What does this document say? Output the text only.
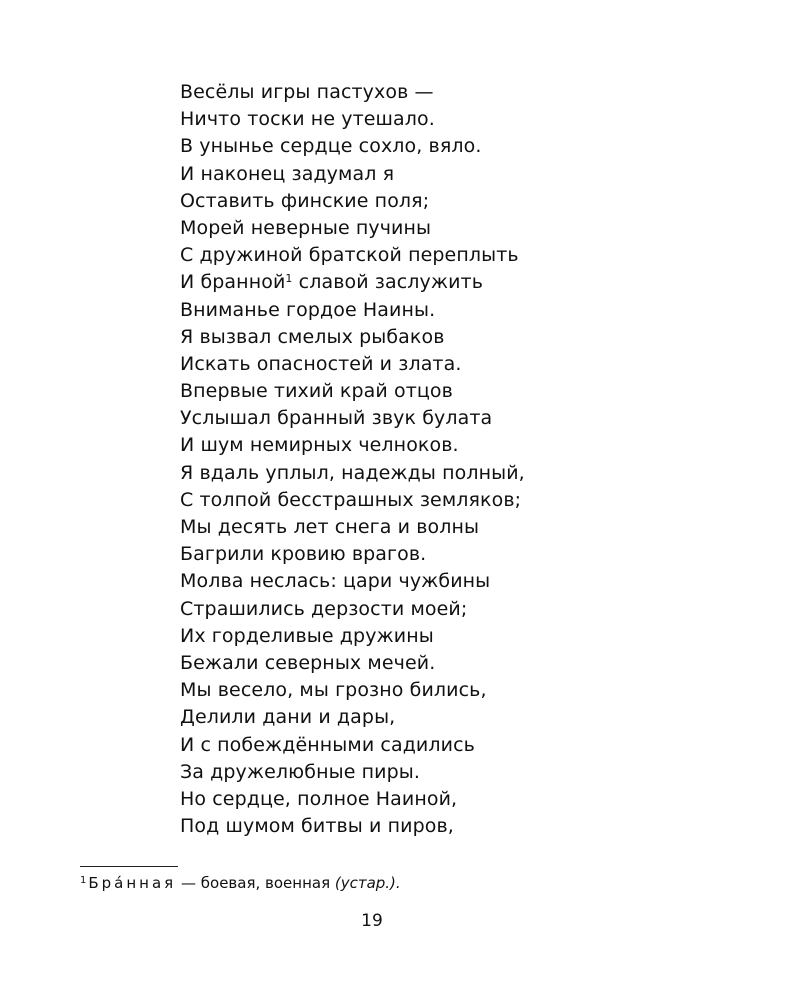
Весёлы игры пастухов —
Ничто тоски не утешало.
В унынье сердце сохло, вяло.
И наконец задумал я
Оставить финские поля;
Морей неверные пучины
С дружиной братской переплыть
И бранной$^1$ славой заслужить
Вниманье гордое Наины.
Я вызвал смелых рыбаков
Искать опасностей и злата.
Впервые тихий край отцов
Услышал бранный звук булата
И шум немирных челноков.
Я вдаль уплыл, надежды полный,
С толпой бесстрашных земляков;
Мы десять лет снега и волны
Багрили кровию врагов.
Молва неслась: цари чужбины
Страшились дерзости моей;
Их горделивые дружины
Бежали северных мечей.
Мы весело, мы грозно бились,
Делили дани и дары,
И с побеждёнными садились
За дружелюбные пиры.
Но сердце, полное Наиной,
Под шумом битвы и пиров,
$^1$ Бра́нная — боевая, военная (устар.).
19
